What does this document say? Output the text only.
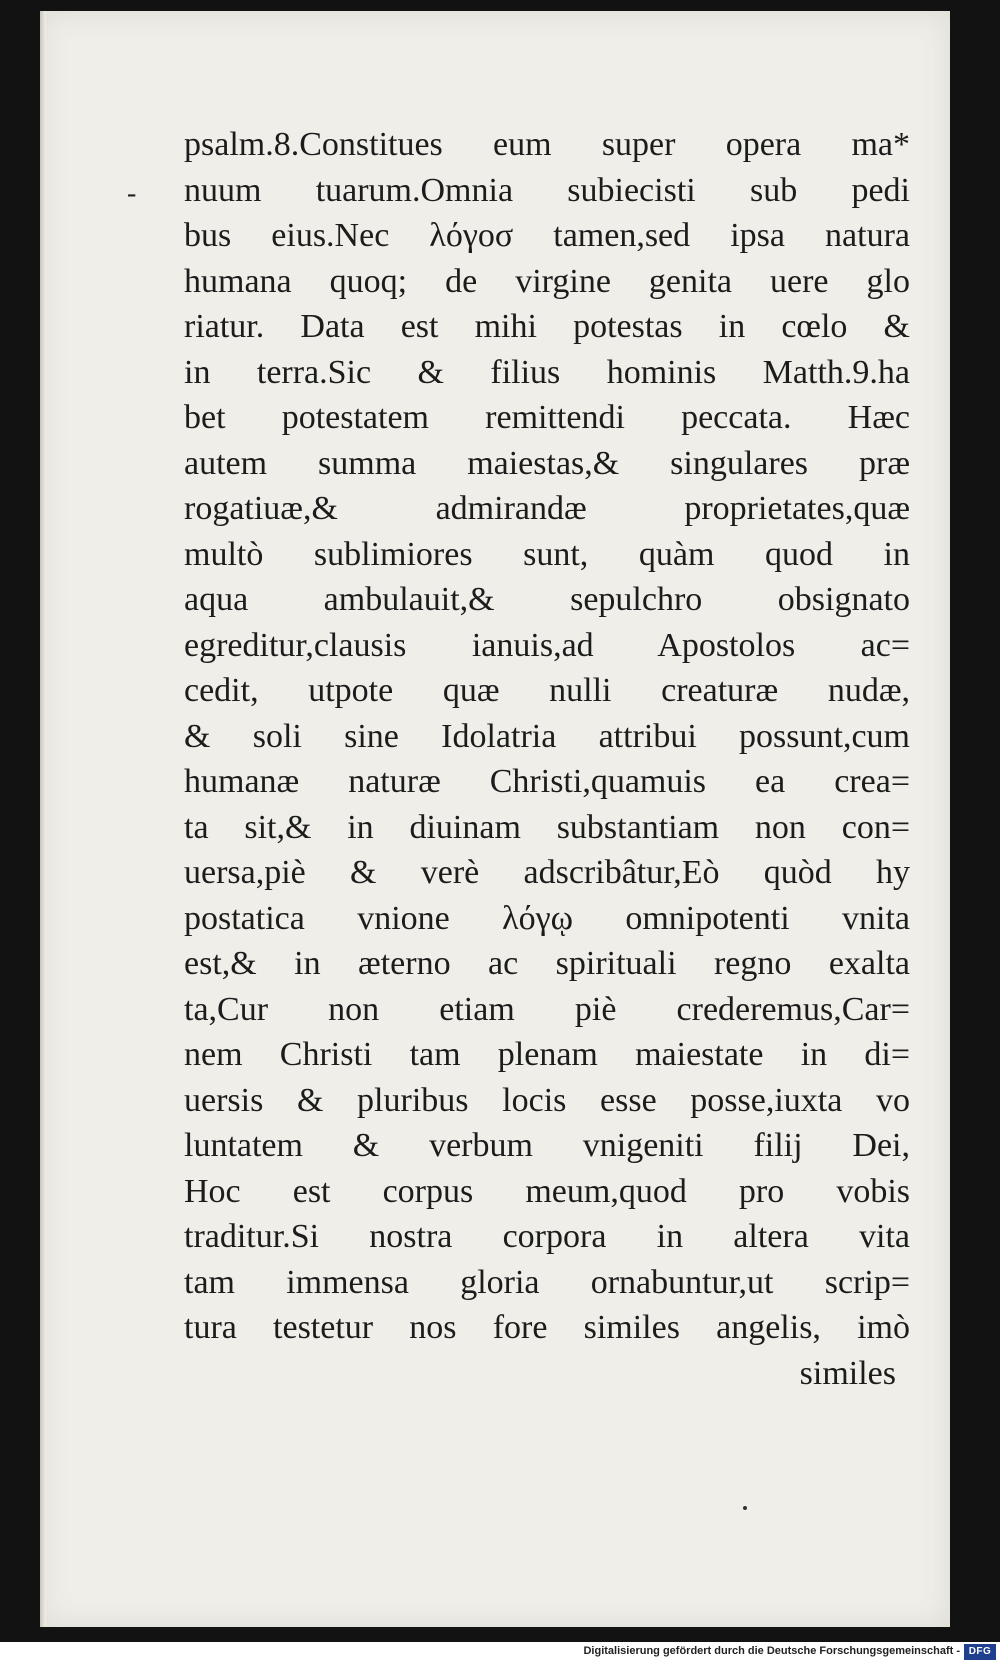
-
psalm.8.Constitues eum super opera ma*
nuum tuarum.Omnia subiecisti sub pedi
bus eius.Nec λόγοσ tamen,sed ipsa natura
humana quoq; de virgine genita uere glo
riatur. Data est mihi potestas in cœlo &
in terra.Sic & filius hominis Matth.9.ha
bet potestatem remittendi peccata. Hæc
autem summa maiestas,& singulares præ
rogatiuæ,& admirandæ proprietates,quæ
multò sublimiores sunt, quàm quod in
aqua ambulauit,& sepulchro obsignato
egreditur,clausis ianuis,ad Apostolos ac=
cedit, utpote quæ nulli creaturæ nudæ,
& soli sine Idolatria attribui possunt,cum
humanæ naturæ Christi,quamuis ea crea=
ta sit,& in diuinam substantiam non con=
uersa,piè & verè adscribâtur,Eò quòd hy
postatica vnione λόγῳ omnipotenti vnita
est,& in æterno ac spirituali regno exalta
ta,Cur non etiam piè crederemus,Car=
nem Christi tam plenam maiestate in di=
uersis & pluribus locis esse posse,iuxta vo
luntatem & verbum vnigeniti filij Dei,
Hoc est corpus meum,quod pro vobis
traditur.Si nostra corpora in altera vita
tam immensa gloria ornabuntur,ut scrip=
tura testetur nos fore similes angelis, imò
similes
Digitalisierung gefördert durch die Deutsche Forschungsgemeinschaft - DFG
